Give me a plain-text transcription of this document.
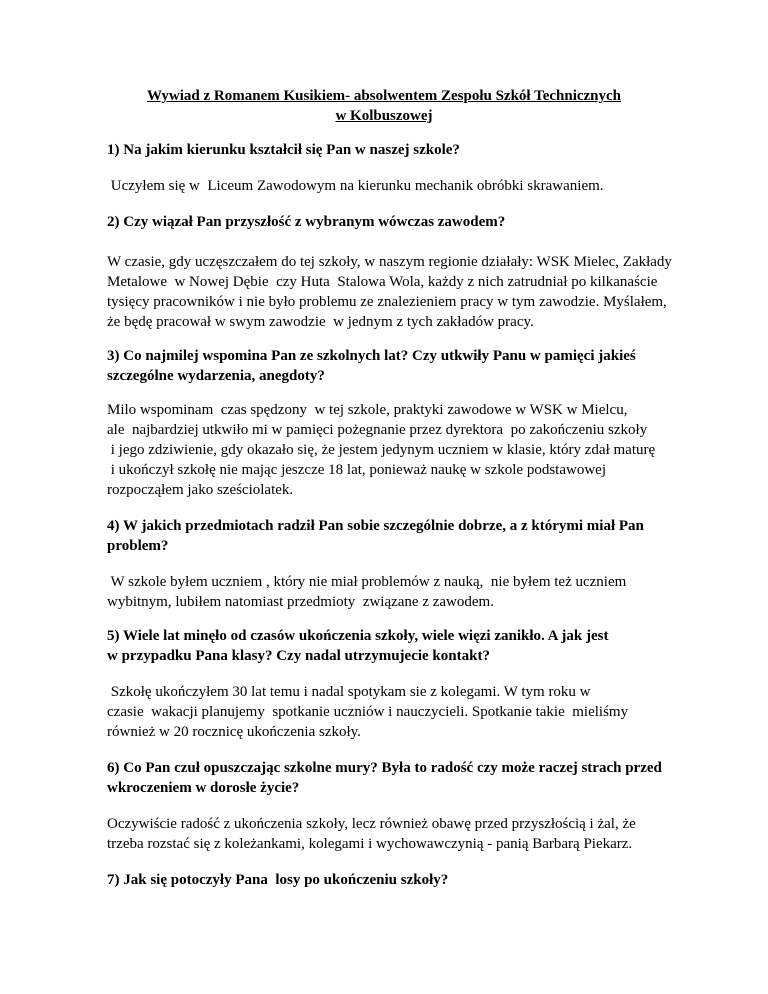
Wywiad z Romanem Kusikiem- absolwentem Zespołu Szkół Technicznych
w Kolbuszowej
1) Na jakim kierunku kształcił się Pan w naszej szkole?
Uczyłem się w  Liceum Zawodowym na kierunku mechanik obróbki skrawaniem.
2) Czy wiązał Pan przyszłość z wybranym wówczas zawodem?
W czasie, gdy uczęszczałem do tej szkoły, w naszym regionie działały: WSK Mielec, Zakłady
Metalowe  w Nowej Dębie  czy Huta  Stalowa Wola, każdy z nich zatrudniał po kilkanaście
tysięcy pracowników i nie było problemu ze znalezieniem pracy w tym zawodzie. Myślałem,
że będę pracował w swym zawodzie  w jednym z tych zakładów pracy.
3) Co najmilej wspomina Pan ze szkolnych lat? Czy utkwiły Panu w pamięci jakieś
szczególne wydarzenia, anegdoty?
Milo wspominam  czas spędzony  w tej szkole, praktyki zawodowe w WSK w Mielcu,
ale  najbardziej utkwiło mi w pamięci pożegnanie przez dyrektora  po zakończeniu szkoły
i jego zdziwienie, gdy okazało się, że jestem jedynym uczniem w klasie, który zdał maturę
i ukończył szkołę nie mając jeszcze 18 lat, ponieważ naukę w szkole podstawowej
rozpocząłem jako sześciolatek.
4) W jakich przedmiotach radził Pan sobie szczególnie dobrze, a z którymi miał Pan
problem?
W szkole byłem uczniem , który nie miał problemów z nauką,  nie byłem też uczniem
wybitnym, lubiłem natomiast przedmioty  związane z zawodem.
5) Wiele lat minęło od czasów ukończenia szkoły, wiele więzi zanikło. A jak jest
w przypadku Pana klasy? Czy nadal utrzymujecie kontakt?
Szkołę ukończyłem 30 lat temu i nadal spotykam sie z kolegami. W tym roku w
czasie  wakacji planujemy  spotkanie uczniów i nauczycieli. Spotkanie takie  mieliśmy
również w 20 rocznicę ukończenia szkoły.
6) Co Pan czuł opuszczając szkolne mury? Była to radość czy może raczej strach przed
wkroczeniem w dorosłe życie?
Oczywiście radość z ukończenia szkoły, lecz również obawę przed przyszłością i żal, że
trzeba rozstać się z koleżankami, kolegami i wychowawczynią - panią Barbarą Piekarz.
7) Jak się potoczyły Pana  losy po ukończeniu szkoły?
